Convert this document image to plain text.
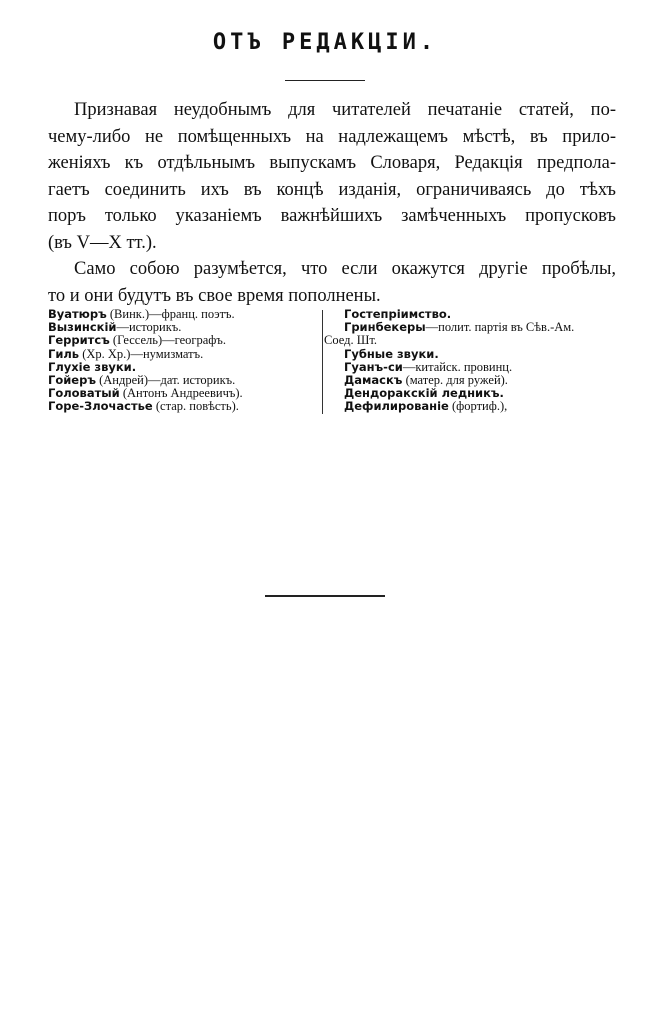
ОТЪ РЕДАКЦІИ.
Признавая неудобнымъ для читателей печатаніе статей, по-
чему-либо не помѣщенныхъ на надлежащемъ мѣстѣ, въ прило-
женіяхъ къ отдѣльнымъ выпускамъ Словаря, Редакція предпола-
гаетъ соединить ихъ въ концѣ изданія, ограничиваясь до тѣхъ
поръ только указаніемъ важнѣйшихъ замѣченныхъ пропусковъ
(въ V—X тт.).
Само собою разумѣется, что если окажутся другіе пробѣлы,
то и они будутъ въ свое время пополнены.
Вуатюръ (Винк.)—франц. поэтъ.
Вызинскій—историкъ.
Герритсъ (Гессель)—географъ.
Гиль (Хр. Хр.)—нумизматъ.
Глухіе звуки.
Гойеръ (Андрей)—дат. историкъ.
Головатый (Антонъ Андреевичъ).
Горе-Злочастье (стар. повѣсть).
Гостепріимство.
Гринбекеры—полит. партія въ Сѣв.-Ам.
Соед. Шт.
Губные звуки.
Гуанъ-си—китайск. провинц.
Дамаскъ (матер. для ружей).
Дендоракскій ледникъ.
Дефилированіе (фортиф.),
